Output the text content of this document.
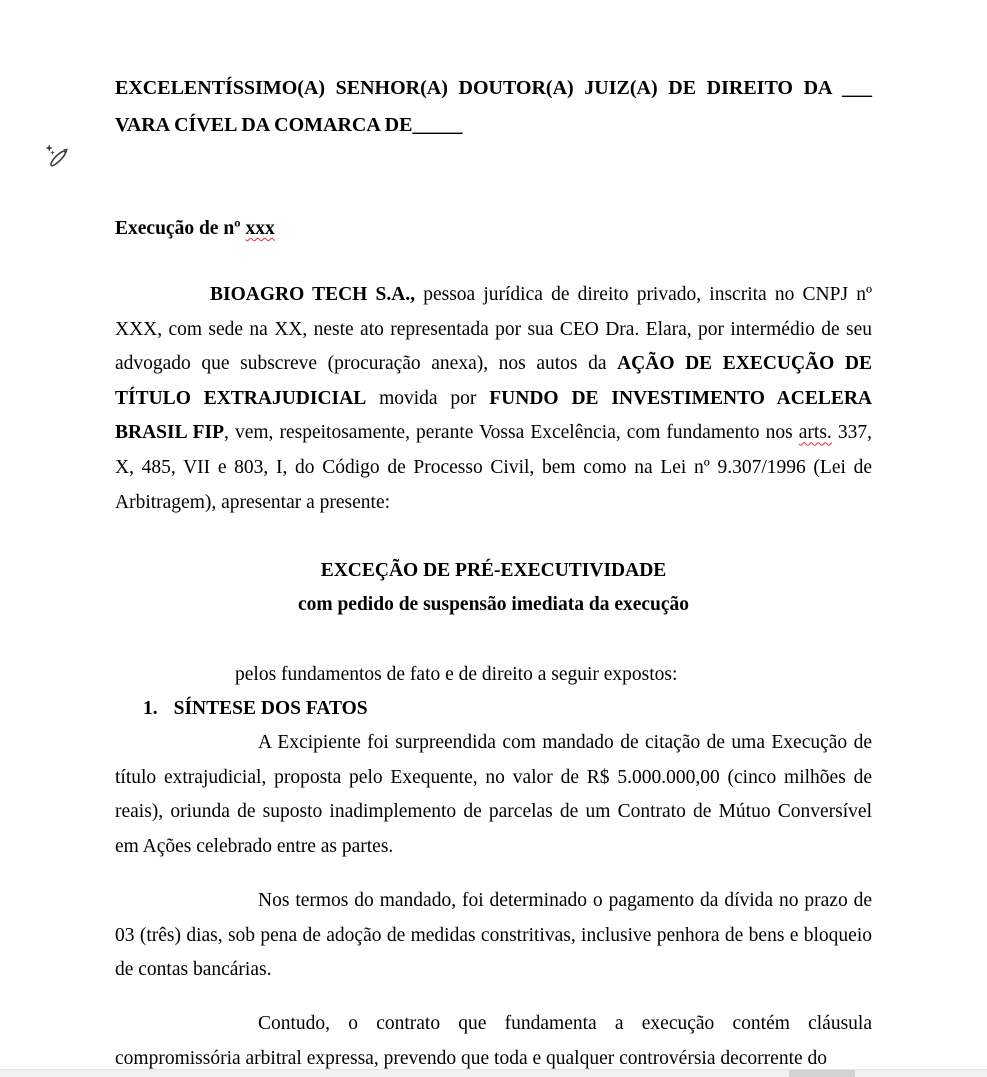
EXCELENTÍSSIMO(A) SENHOR(A) DOUTOR(A) JUIZ(A) DE DIREITO DA ___
VARA CÍVEL DA COMARCA DE_____
Execução de nº xxx

BIOAGRO TECH S.A., pessoa jurídica de direito privado, inscrita no CNPJ nº XXX, com sede na XX, neste ato representada por sua CEO Dra. Elara, por intermédio de seu advogado que subscreve (procuração anexa), nos autos da AÇÃO DE EXECUÇÃO DE TÍTULO EXTRAJUDICIAL movida por FUNDO DE INVESTIMENTO ACELERA BRASIL FIP, vem, respeitosamente, perante Vossa Excelência, com fundamento nos arts. 337, X, 485, VII e 803, I, do Código de Processo Civil, bem como na Lei nº 9.307/1996 (Lei de Arbitragem), apresentar a presente:

EXCEÇÃO DE PRÉ-EXECUTIVIDADE
com pedido de suspensão imediata da execução

pelos fundamentos de fato e de direito a seguir expostos:

1. SÍNTESE DOS FATOS

A Excipiente foi surpreendida com mandado de citação de uma Execução de título extrajudicial, proposta pelo Exequente, no valor de R$ 5.000.000,00 (cinco milhões de reais), oriunda de suposto inadimplemento de parcelas de um Contrato de Mútuo Conversível em Ações celebrado entre as partes.

Nos termos do mandado, foi determinado o pagamento da dívida no prazo de 03 (três) dias, sob pena de adoção de medidas constritivas, inclusive penhora de bens e bloqueio de contas bancárias.

Contudo, o contrato que fundamenta a execução contém cláusula compromissória arbitral expressa, prevendo que toda e qualquer controvérsia decorrente do
